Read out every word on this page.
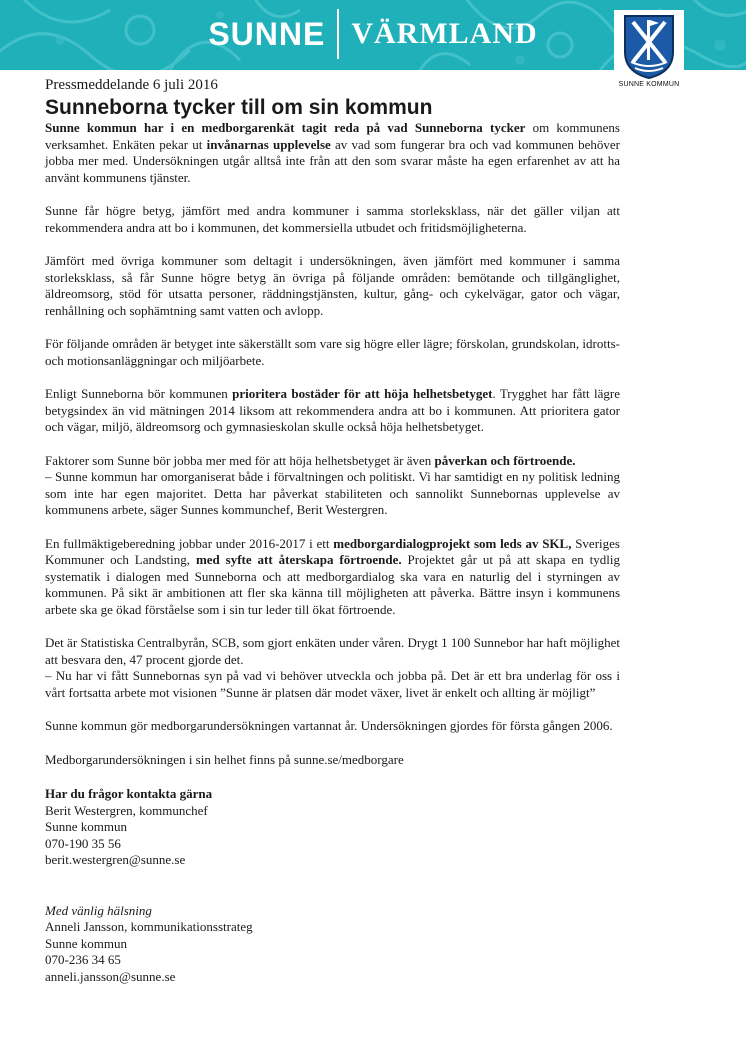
SUNNE VÄRMLAND
SUNNE KOMMUN
Pressmeddelande 6 juli 2016
Sunneborna tycker till om sin kommun

Sunne kommun har i en medborgarenkät tagit reda på vad Sunneborna tycker om kommunens verksamhet. Enkäten pekar ut invånarnas upplevelse av vad som fungerar bra och vad kommunen behöver jobba mer med. Undersökningen utgår alltså inte från att den som svarar måste ha egen erfarenhet av att ha använt kommunens tjänster.

Sunne får högre betyg, jämfört med andra kommuner i samma storleksklass, när det gäller viljan att rekommendera andra att bo i kommunen, det kommersiella utbudet och fritidsmöjligheterna.

Jämfört med övriga kommuner som deltagit i undersökningen, även jämfört med kommuner i samma storleksklass, så får Sunne högre betyg än övriga på följande områden: bemötande och tillgänglighet, äldreomsorg, stöd för utsatta personer, räddningstjänsten, kultur, gång- och cykelvägar, gator och vägar, renhållning och sophämtning samt vatten och avlopp.

För följande områden är betyget inte säkerställt som vare sig högre eller lägre; förskolan, grundskolan, idrotts- och motionsanläggningar och miljöarbete.

Enligt Sunneborna bör kommunen prioritera bostäder för att höja helhetsbetyget. Trygghet har fått lägre betygsindex än vid mätningen 2014 liksom att rekommendera andra att bo i kommunen. Att prioritera gator och vägar, miljö, äldreomsorg och gymnasieskolan skulle också höja helhetsbetyget.

Faktorer som Sunne bör jobba mer med för att höja helhetsbetyget är även påverkan och förtroende.
– Sunne kommun har omorganiserat både i förvaltningen och politiskt. Vi har samtidigt en ny politisk ledning som inte har egen majoritet. Detta har påverkat stabiliteten och sannolikt Sunnebornas upplevelse av kommunens arbete, säger Sunnes kommunchef, Berit Westergren.

En fullmäktigeberedning jobbar under 2016-2017 i ett medborgardialogprojekt som leds av SKL, Sveriges Kommuner och Landsting, med syfte att återskapa förtroende. Projektet går ut på att skapa en tydlig systematik i dialogen med Sunneborna och att medborgardialog ska vara en naturlig del i styrningen av kommunen. På sikt är ambitionen att fler ska känna till möjligheten att påverka. Bättre insyn i kommunens arbete ska ge ökad förståelse som i sin tur leder till ökat förtroende.

Det är Statistiska Centralbyrån, SCB, som gjort enkäten under våren. Drygt 1 100 Sunnebor har haft möjlighet att besvara den, 47 procent gjorde det.
– Nu har vi fått Sunnebornas syn på vad vi behöver utveckla och jobba på. Det är ett bra underlag för oss i vårt fortsatta arbete mot visionen ”Sunne är platsen där modet växer, livet är enkelt och allting är möjligt”

Sunne kommun gör medborgarundersökningen vartannat år. Undersökningen gjordes för första gången 2006.

Medborgarundersökningen i sin helhet finns på sunne.se/medborgare

Har du frågor kontakta gärna
Berit Westergren, kommunchef
Sunne kommun
070-190 35 56
berit.westergren@sunne.se
Med vänlig hälsning
Anneli Jansson, kommunikationsstrateg
Sunne kommun
070-236 34 65
anneli.jansson@sunne.se
